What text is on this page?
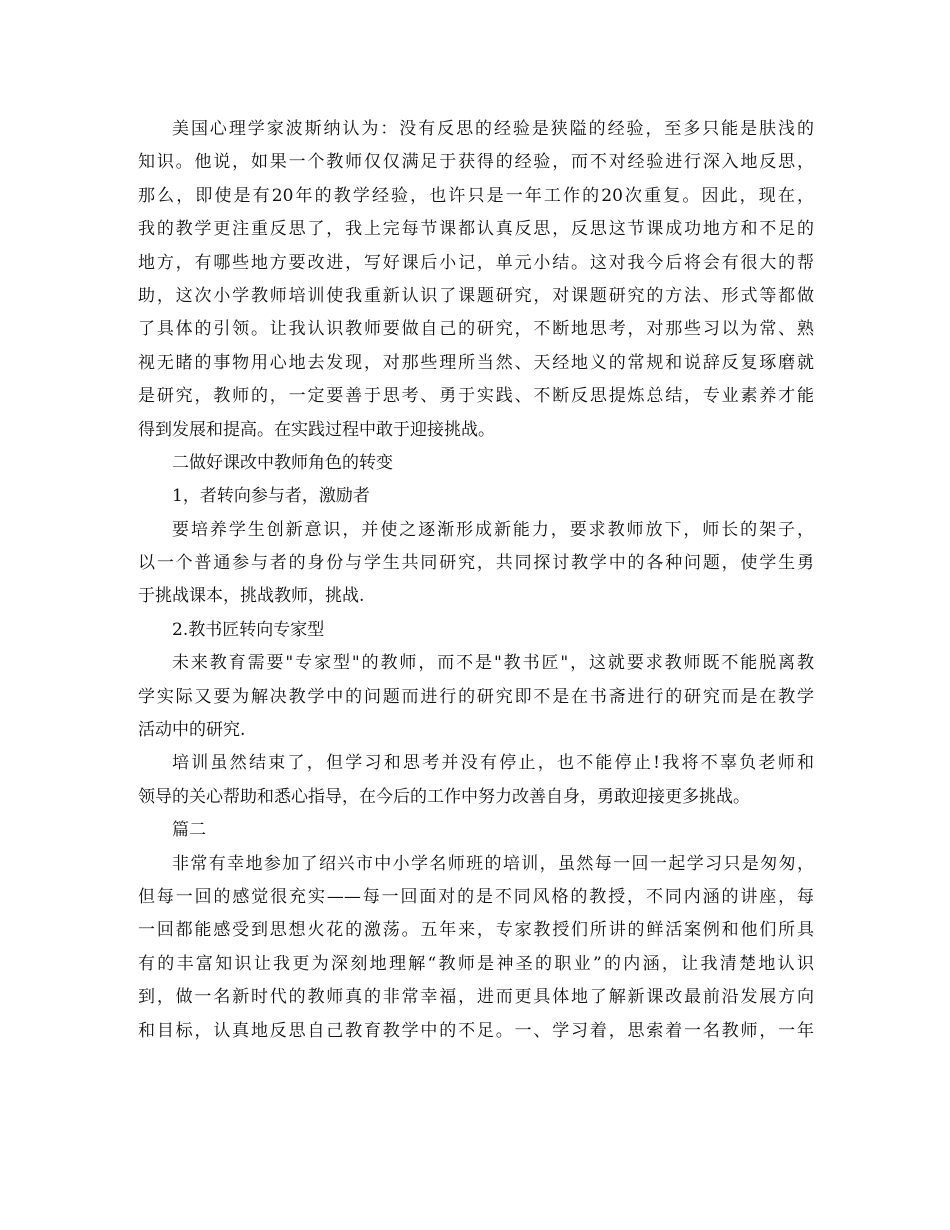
美国心理学家波斯纳认为：没有反思的经验是狭隘的经验，至多只能是肤浅的
知识。他说，如果一个教师仅仅满足于获得的经验，而不对经验进行深入地反思，
那么，即使是有20年的教学经验，也许只是一年工作的20次重复。因此，现在，
我的教学更注重反思了，我上完每节课都认真反思，反思这节课成功地方和不足的
地方，有哪些地方要改进，写好课后小记，单元小结。这对我今后将会有很大的帮
助，这次小学教师培训使我重新认识了课题研究，对课题研究的方法、形式等都做
了具体的引领。让我认识教师要做自己的研究，不断地思考，对那些习以为常、熟
视无睹的事物用心地去发现，对那些理所当然、天经地义的常规和说辞反复琢磨就
是研究，教师的，一定要善于思考、勇于实践、不断反思提炼总结，专业素养才能
得到发展和提高。在实践过程中敢于迎接挑战。
二做好课改中教师角色的转变
1，者转向参与者，激励者
要培养学生创新意识，并使之逐渐形成新能力，要求教师放下，师长的架子，
以一个普通参与者的身份与学生共同研究，共同探讨教学中的各种问题，使学生勇
于挑战课本，挑战教师，挑战.
2.教书匠转向专家型
未来教育需要"专家型"的教师，而不是"教书匠"，这就要求教师既不能脱离教
学实际又要为解决教学中的问题而进行的研究即不是在书斋进行的研究而是在教学
活动中的研究.
培训虽然结束了，但学习和思考并没有停止，也不能停止!我将不辜负老师和
领导的关心帮助和悉心指导，在今后的工作中努力改善自身，勇敢迎接更多挑战。
篇二
非常有幸地参加了绍兴市中小学名师班的培训，虽然每一回一起学习只是匆匆，
但每一回的感觉很充实——每一回面对的是不同风格的教授，不同内涵的讲座，每
一回都能感受到思想火花的激荡。五年来，专家教授们所讲的鲜活案例和他们所具
有的丰富知识让我更为深刻地理解“教师是神圣的职业”的内涵，让我清楚地认识
到，做一名新时代的教师真的非常幸福，进而更具体地了解新课改最前沿发展方向
和目标，认真地反思自己教育教学中的不足。一、学习着，思索着一名教师，一年
